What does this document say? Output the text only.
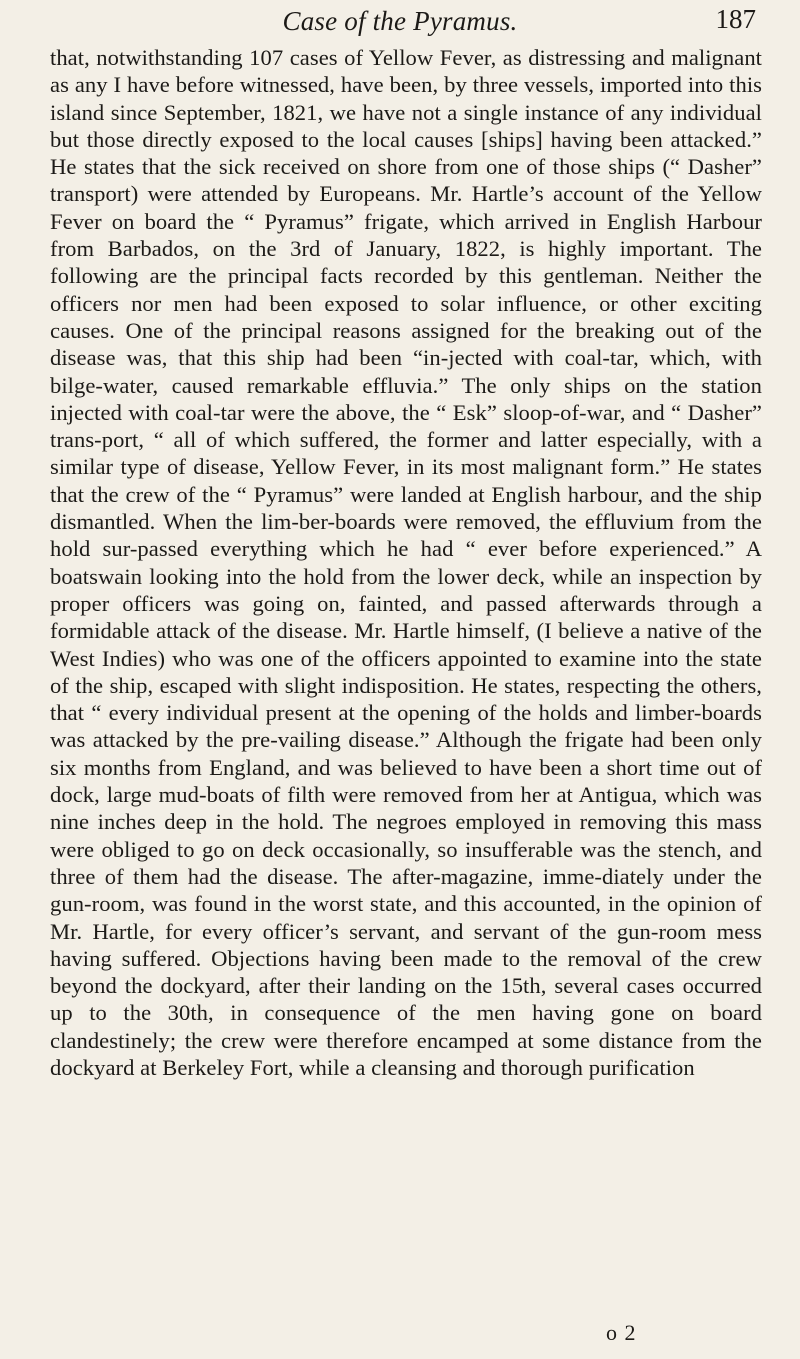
Case of the Pyramus.	187

that, notwithstanding 107 cases of Yellow Fever, as distressing and malignant as any I have before witnessed, have been, by three vessels, imported into this island since September, 1821, we have not a single instance of any individual but those directly exposed to the local causes [ships] having been attacked.” He states that the sick received on shore from one of those ships (“ Dasher” transport) were attended by Europeans. Mr. Hartle’s account of the Yellow Fever on board the “ Pyramus” frigate, which arrived in English Harbour from Barbados, on the 3rd of January, 1822, is highly important. The following are the principal facts recorded by this gentleman. Neither the officers nor men had been exposed to solar influence, or other exciting causes. One of the principal reasons assigned for the breaking out of the disease was, that this ship had been “in-jected with coal-tar, which, with bilge-water, caused remarkable effluvia.” The only ships on the station injected with coal-tar were the above, the “ Esk” sloop-of-war, and “ Dasher” trans-port, “ all of which suffered, the former and latter especially, with a similar type of disease, Yellow Fever, in its most malignant form.” He states that the crew of the “ Pyramus” were landed at English harbour, and the ship dismantled. When the lim-ber-boards were removed, the effluvium from the hold sur-passed everything which he had “ ever before experienced.” A boatswain looking into the hold from the lower deck, while an inspection by proper officers was going on, fainted, and passed afterwards through a formidable attack of the disease. Mr. Hartle himself, (I believe a native of the West Indies) who was one of the officers appointed to examine into the state of the ship, escaped with slight indisposition. He states, respecting the others, that “ every individual present at the opening of the holds and limber-boards was attacked by the pre-vailing disease.” Although the frigate had been only six months from England, and was believed to have been a short time out of dock, large mud-boats of filth were removed from her at Antigua, which was nine inches deep in the hold. The negroes employed in removing this mass were obliged to go on deck occasionally, so insufferable was the stench, and three of them had the disease. The after-magazine, imme-diately under the gun-room, was found in the worst state, and this accounted, in the opinion of Mr. Hartle, for every officer’s servant, and servant of the gun-room mess having suffered. Objections having been made to the removal of the crew beyond the dockyard, after their landing on the 15th, several cases occurred up to the 30th, in consequence of the men having gone on board clandestinely; the crew were therefore encamped at some distance from the dockyard at Berkeley Fort, while a cleansing and thorough purification

o 2
